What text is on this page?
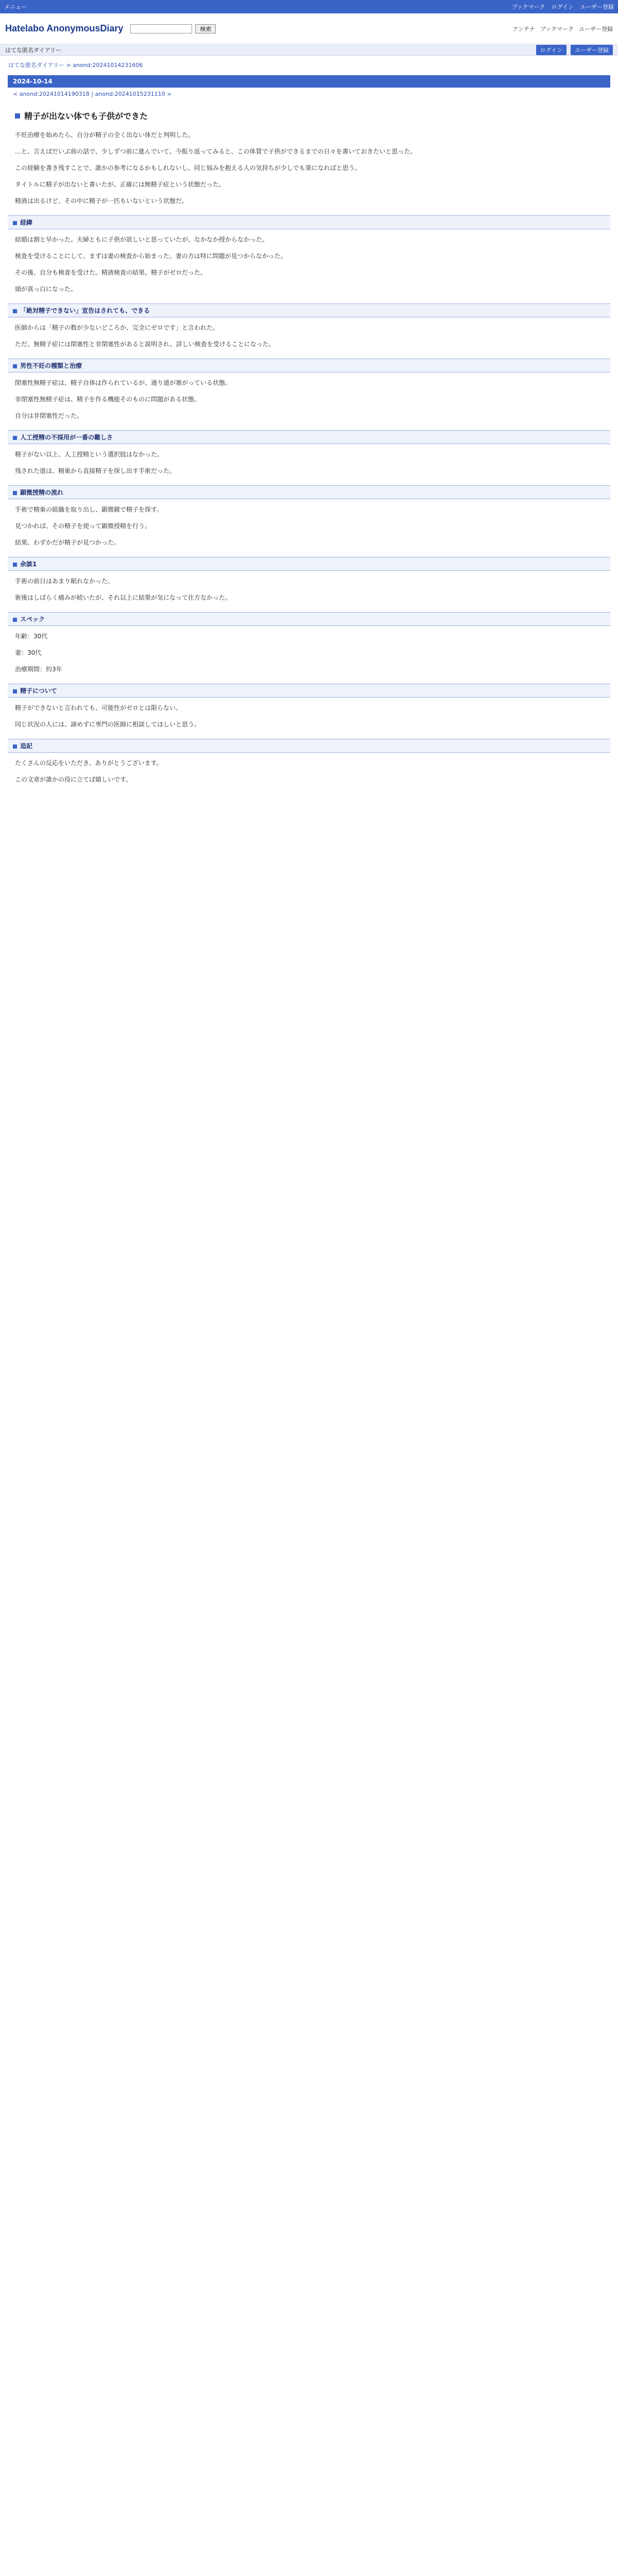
メニュー	ブックマーク ログイン ユーザー登録
Hatelabo AnonymousDiary	検索	アンテナ ブックマーク ユーザー登録
はてな匿名ダイアリー	ログイン	ユーザー登録
はてな匿名ダイアリー > anond:20241014231606
2024-10-14
< anond:20241014190318 | anond:20241015231110 >
精子が出ない体でも子供ができた

不妊治療を始めたら、自分が精子の全く出ない体だと判明した。

…と、言えばだいぶ前の話で、少しずつ前に進んでいて、今振り返ってみると、この体質で子供ができるまでの日々を書いておきたいと思った。

この経験を書き残すことで、誰かの参考になるかもしれないし、同じ悩みを抱える人の気持ちが少しでも楽になればと思う。

タイトルに精子が出ないと書いたが、正確には無精子症という状態だった。

精液は出るけど、その中に精子が一匹もいないという状態だ。

経緯

結婚は割と早かった。夫婦ともに子供が欲しいと思っていたが、なかなか授からなかった。

検査を受けることにして、まずは妻の検査から始まった。妻の方は特に問題が見つからなかった。

その後、自分も検査を受けた。精液検査の結果、精子がゼロだった。

頭が真っ白になった。

「絶対精子できない」宣告はされても、できる

医師からは「精子の数が少ないどころか、完全にゼロです」と言われた。

ただ、無精子症には閉塞性と非閉塞性があると説明され、詳しい検査を受けることになった。

男性不妊の種類と治療

閉塞性無精子症は、精子自体は作られているが、通り道が塞がっている状態。

非閉塞性無精子症は、精子を作る機能そのものに問題がある状態。

自分は非閉塞性だった。

人工授精の不採用が一番の難しさ

精子がない以上、人工授精という選択肢はなかった。

残された道は、精巣から直接精子を探し出す手術だった。

顕微授精の流れ

手術で精巣の組織を取り出し、顕微鏡で精子を探す。

見つかれば、その精子を使って顕微授精を行う。

結果、わずかだが精子が見つかった。

余談1

手術の前日はあまり眠れなかった。

術後はしばらく痛みが続いたが、それ以上に結果が気になって仕方なかった。

スペック

年齢：30代

妻：30代

治療期間：約3年

精子について

精子ができないと言われても、可能性がゼロとは限らない。

同じ状況の人には、諦めずに専門の医師に相談してほしいと思う。

追記

たくさんの反応をいただき、ありがとうございます。

この文章が誰かの役に立てば嬉しいです。
